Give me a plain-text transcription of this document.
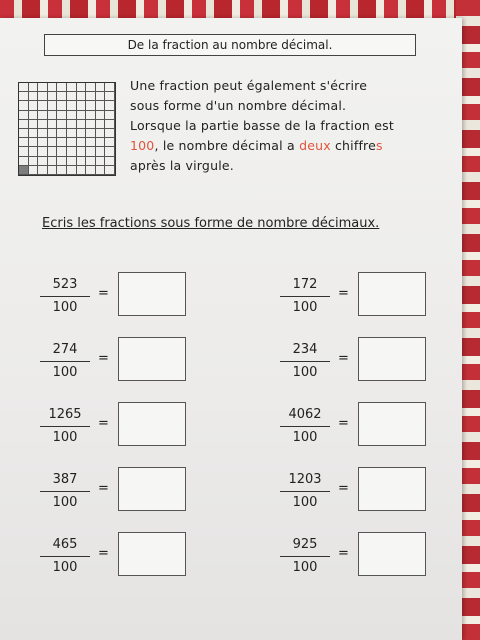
De la fraction au nombre décimal.
Une fraction peut également s'écrire
sous forme d'un nombre décimal.
Lorsque la partie basse de la fraction est
100, le nombre décimal a deux chiffres
après la virgule.
Ecris les fractions sous forme de nombre décimaux.
523
100
=
274
100
=
1265
100
=
387
100
=
465
100
=
172
100
=
234
100
=
4062
100
=
1203
100
=
925
100
=
